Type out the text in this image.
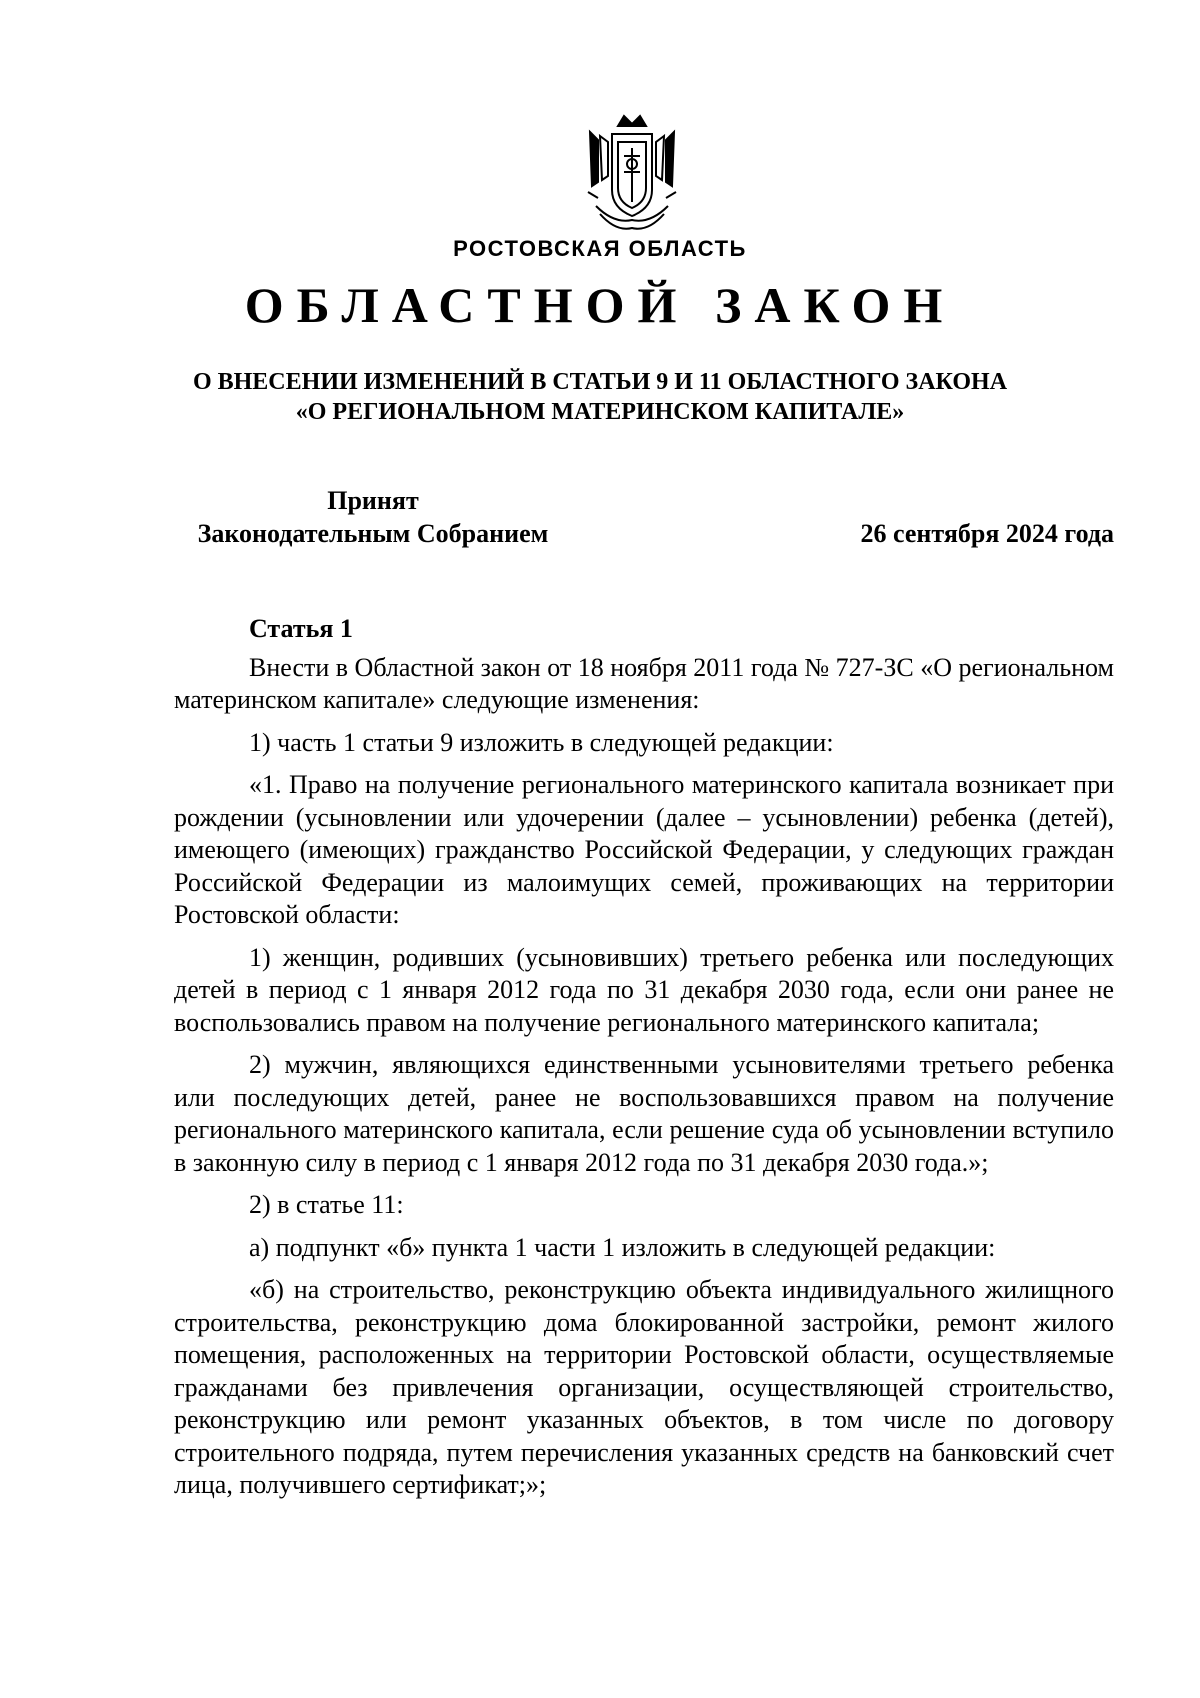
РОСТОВСКАЯ ОБЛАСТЬ
ОБЛАСТНОЙ ЗАКОН
О ВНЕСЕНИИ ИЗМЕНЕНИЙ В СТАТЬИ 9 И 11 ОБЛАСТНОГО ЗАКОНА
«О РЕГИОНАЛЬНОМ МАТЕРИНСКОМ КАПИТАЛЕ»
Принят
Законодательным Собранием	26 сентября 2024 года
Статья 1

Внести в Областной закон от 18 ноября 2011 года № 727-ЗС «О региональном материнском капитале» следующие изменения:

1) часть 1 статьи 9 изложить в следующей редакции:

«1. Право на получение регионального материнского капитала возникает при рождении (усыновлении или удочерении (далее – усыновлении) ребенка (детей), имеющего (имеющих) гражданство Российской Федерации, у следующих граждан Российской Федерации из малоимущих семей, проживающих на территории Ростовской области:

1) женщин, родивших (усыновивших) третьего ребенка или последующих детей в период с 1 января 2012 года по 31 декабря 2030 года, если они ранее не воспользовались правом на получение регионального материнского капитала;

2) мужчин, являющихся единственными усыновителями третьего ребенка или последующих детей, ранее не воспользовавшихся правом на получение регионального материнского капитала, если решение суда об усыновлении вступило в законную силу в период с 1 января 2012 года по 31 декабря 2030 года.»;

2) в статье 11:

а) подпункт «б» пункта 1 части 1 изложить в следующей редакции:

«б) на строительство, реконструкцию объекта индивидуального жилищного строительства, реконструкцию дома блокированной застройки, ремонт жилого помещения, расположенных на территории Ростовской области, осуществляемые гражданами без привлечения организации, осуществляющей строительство, реконструкцию или ремонт указанных объектов, в том числе по договору строительного подряда, путем перечисления указанных средств на банковский счет лица, получившего сертификат;»;
